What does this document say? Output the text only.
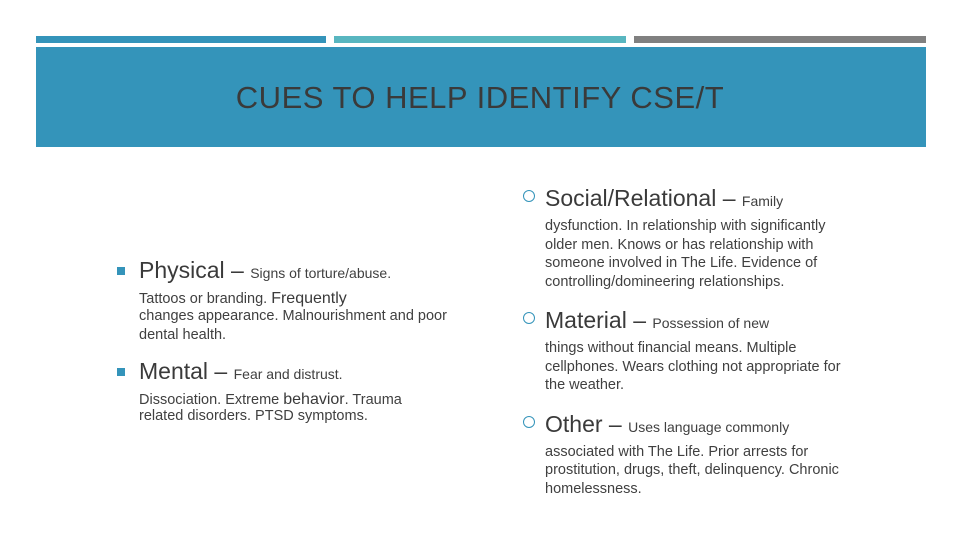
CUES TO HELP IDENTIFY CSE/T
Physical – Signs of torture/abuse.
Tattoos or branding. Frequently
changes appearance. Malnourishment and poor dental health.
Mental – Fear and distrust.
Dissociation. Extreme behavior. Trauma
related disorders. PTSD symptoms.
Social/Relational – Family
dysfunction. In relationship with significantly older men. Knows or has relationship with someone involved in The Life. Evidence of controlling/domineering relationships.
Material – Possession of new
things without financial means. Multiple cellphones. Wears clothing not appropriate for the weather.
Other – Uses language commonly
associated with The Life. Prior arrests for prostitution, drugs, theft, delinquency. Chronic homelessness.
